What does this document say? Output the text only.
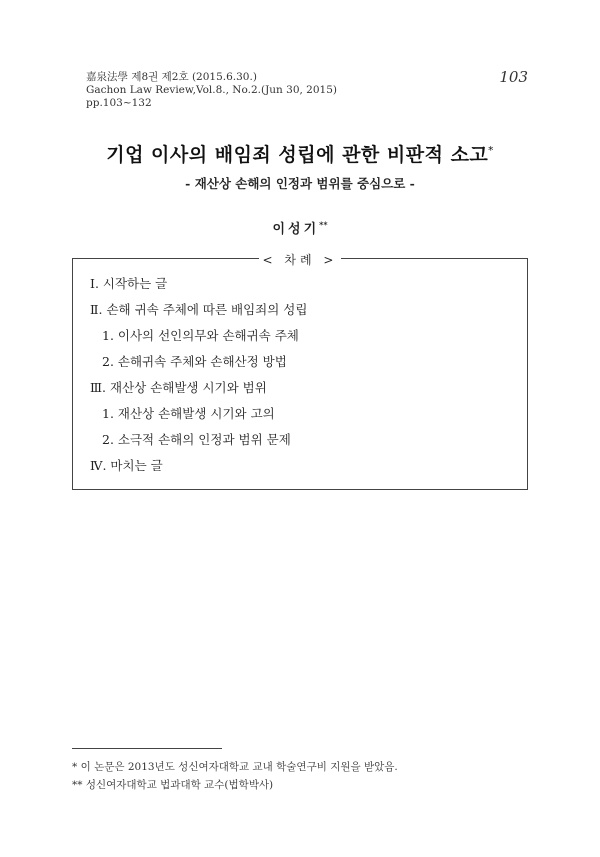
嘉泉法學 제8권 제2호 (2015.6.30.)
Gachon Law Review,Vol.8., No.2.(Jun 30, 2015)
pp.103~132
103
기업 이사의 배임죄 성립에 관한 비판적 소고*
- 재산상 손해의 인정과 범위를 중심으로 -
이성기**
< 차례 >
Ⅰ. 시작하는 글
Ⅱ. 손해 귀속 주체에 따른 배임죄의 성립
1. 이사의 선인의무와 손해귀속 주체
2. 손해귀속 주체와 손해산정 방법
Ⅲ. 재산상 손해발생 시기와 범위
1. 재산상 손해발생 시기와 고의
2. 소극적 손해의 인정과 범위 문제
Ⅳ. 마치는 글
* 이 논문은 2013년도 성신여자대학교 교내 학술연구비 지원을 받았음.
** 성신여자대학교 법과대학 교수(법학박사)
